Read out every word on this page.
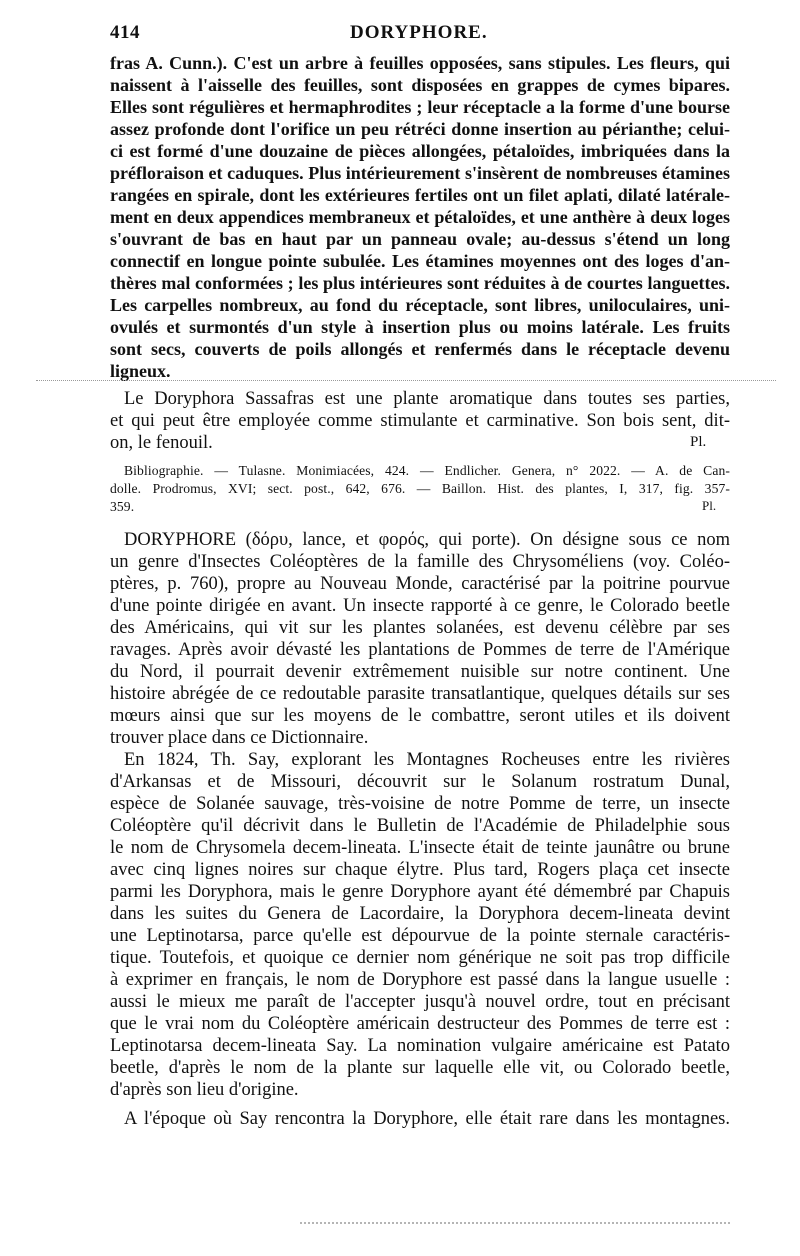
414	DORYPHORE.
fras A. Cunn.). C'est un arbre à feuilles opposées, sans stipules. Les fleurs, qui
naissent à l'aisselle des feuilles, sont disposées en grappes de cymes bipares.
Elles sont régulières et hermaphrodites ; leur réceptacle a la forme d'une bourse
assez profonde dont l'orifice un peu rétréci donne insertion au périanthe; celui-
ci est formé d'une douzaine de pièces allongées, pétaloïdes, imbriquées dans la
préfloraison et caduques. Plus intérieurement s'insèrent de nombreuses étamines
rangées en spirale, dont les extérieures fertiles ont un filet aplati, dilaté latérale-
ment en deux appendices membraneux et pétaloïdes, et une anthère à deux loges
s'ouvrant de bas en haut par un panneau ovale; au-dessus s'étend un long
connectif en longue pointe subulée. Les étamines moyennes ont des loges d'an-
thères mal conformées ; les plus intérieures sont réduites à de courtes languettes.
Les carpelles nombreux, au fond du réceptacle, sont libres, uniloculaires, uni-
ovulés et surmontés d'un style à insertion plus ou moins latérale. Les fruits
sont secs, couverts de poils allongés et renfermés dans le réceptacle devenu
ligneux.
Le Doryphora Sassafras est une plante aromatique dans toutes ses parties,
et qui peut être employée comme stimulante et carminative. Son bois sent, dit-
on, le fenouil.	Pl.
Bibliographie. — Tulasne. Monimiacées, 424. — Endlicher. Genera, n° 2022. — A. de Can-
dolle. Prodromus, XVI; sect. post., 642, 676. — Baillon. Hist. des plantes, I, 317, fig. 357-
359.	Pl.
DORYPHORE (δόρυ, lance, et φορός, qui porte). On désigne sous ce nom
un genre d'Insectes Coléoptères de la famille des Chrysoméliens (voy. Coléo-
ptères, p. 760), propre au Nouveau Monde, caractérisé par la poitrine pourvue
d'une pointe dirigée en avant. Un insecte rapporté à ce genre, le Colorado beetle
des Américains, qui vit sur les plantes solanées, est devenu célèbre par ses
ravages. Après avoir dévasté les plantations de Pommes de terre de l'Amérique
du Nord, il pourrait devenir extrêmement nuisible sur notre continent. Une
histoire abrégée de ce redoutable parasite transatlantique, quelques détails sur ses
mœurs ainsi que sur les moyens de le combattre, seront utiles et ils doivent
trouver place dans ce Dictionnaire.
En 1824, Th. Say, explorant les Montagnes Rocheuses entre les rivières
d'Arkansas et de Missouri, découvrit sur le Solanum rostratum Dunal,
espèce de Solanée sauvage, très-voisine de notre Pomme de terre, un insecte
Coléoptère qu'il décrivit dans le Bulletin de l'Académie de Philadelphie sous
le nom de Chrysomela decem-lineata. L'insecte était de teinte jaunâtre ou brune
avec cinq lignes noires sur chaque élytre. Plus tard, Rogers plaça cet insecte
parmi les Doryphora, mais le genre Doryphore ayant été démembré par Chapuis
dans les suites du Genera de Lacordaire, la Doryphora decem-lineata devint
une Leptinotarsa, parce qu'elle est dépourvue de la pointe sternale caractéris-
tique. Toutefois, et quoique ce dernier nom générique ne soit pas trop difficile
à exprimer en français, le nom de Doryphore est passé dans la langue usuelle :
aussi le mieux me paraît de l'accepter jusqu'à nouvel ordre, tout en précisant
que le vrai nom du Coléoptère américain destructeur des Pommes de terre est :
Leptinotarsa decem-lineata Say. La nomination vulgaire américaine est Patato
beetle, d'après le nom de la plante sur laquelle elle vit, ou Colorado beetle,
d'après son lieu d'origine.
A l'époque où Say rencontra la Doryphore, elle était rare dans les montagnes.
